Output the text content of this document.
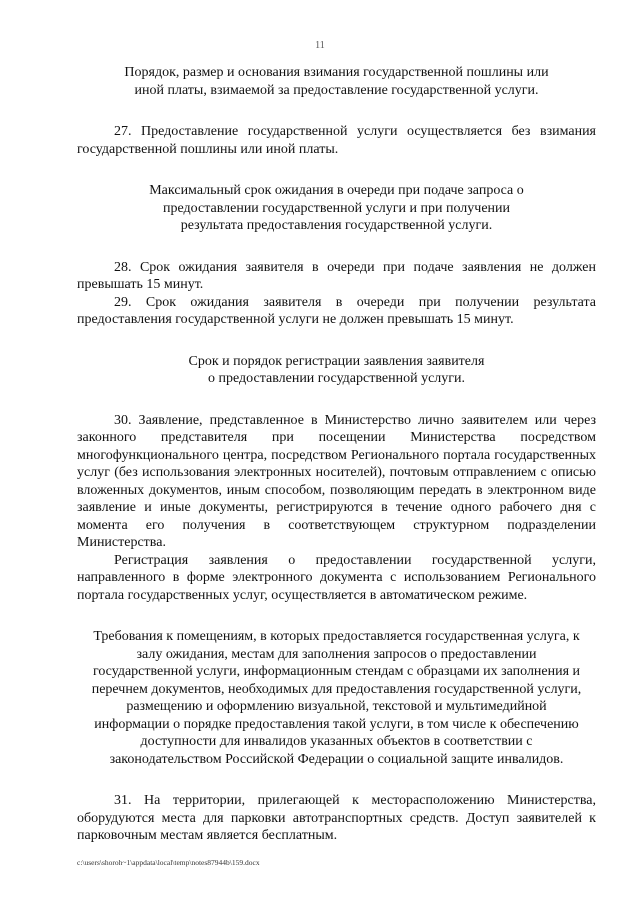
11

Порядок, размер и основания взимания государственной пошлины или иной платы, взимаемой за предоставление государственной услуги.

27. Предоставление государственной услуги осуществляется без взимания государственной пошлины или иной платы.

Максимальный срок ожидания в очереди при подаче запроса о предоставлении государственной услуги и при получении результата предоставления государственной услуги.

28. Срок ожидания заявителя в очереди при подаче заявления не должен превышать 15 минут.

29. Срок ожидания заявителя в очереди при получении результата предоставления государственной услуги не должен превышать 15 минут.

Срок и порядок регистрации заявления заявителя о предоставлении государственной услуги.

30. Заявление, представленное в Министерство лично заявителем или через законного представителя при посещении Министерства посредством многофункционального центра, посредством Регионального портала государственных услуг (без использования электронных носителей), почтовым отправлением с описью вложенных документов, иным способом, позволяющим передать в электронном виде заявление и иные документы, регистрируются в течение одного рабочего дня с момента его получения в соответствующем структурном подразделении Министерства.

Регистрация заявления о предоставлении государственной услуги, направленного в форме электронного документа с использованием Регионального портала государственных услуг, осуществляется в автоматическом режиме.

Требования к помещениям, в которых предоставляется государственная услуга, к залу ожидания, местам для заполнения запросов о предоставлении государственной услуги, информационным стендам с образцами их заполнения и перечнем документов, необходимых для предоставления государственной услуги, размещению и оформлению визуальной, текстовой и мультимедийной информации о порядке предоставления такой услуги, в том числе к обеспечению доступности для инвалидов указанных объектов в соответствии с законодательством Российской Федерации о социальной защите инвалидов.

31. На территории, прилегающей к месторасположению Министерства, оборудуются места для парковки автотранспортных средств. Доступ заявителей к парковочным местам является бесплатным.

c:\users\shoroh~1\appdata\local\temp\notes87944b\159.docx
